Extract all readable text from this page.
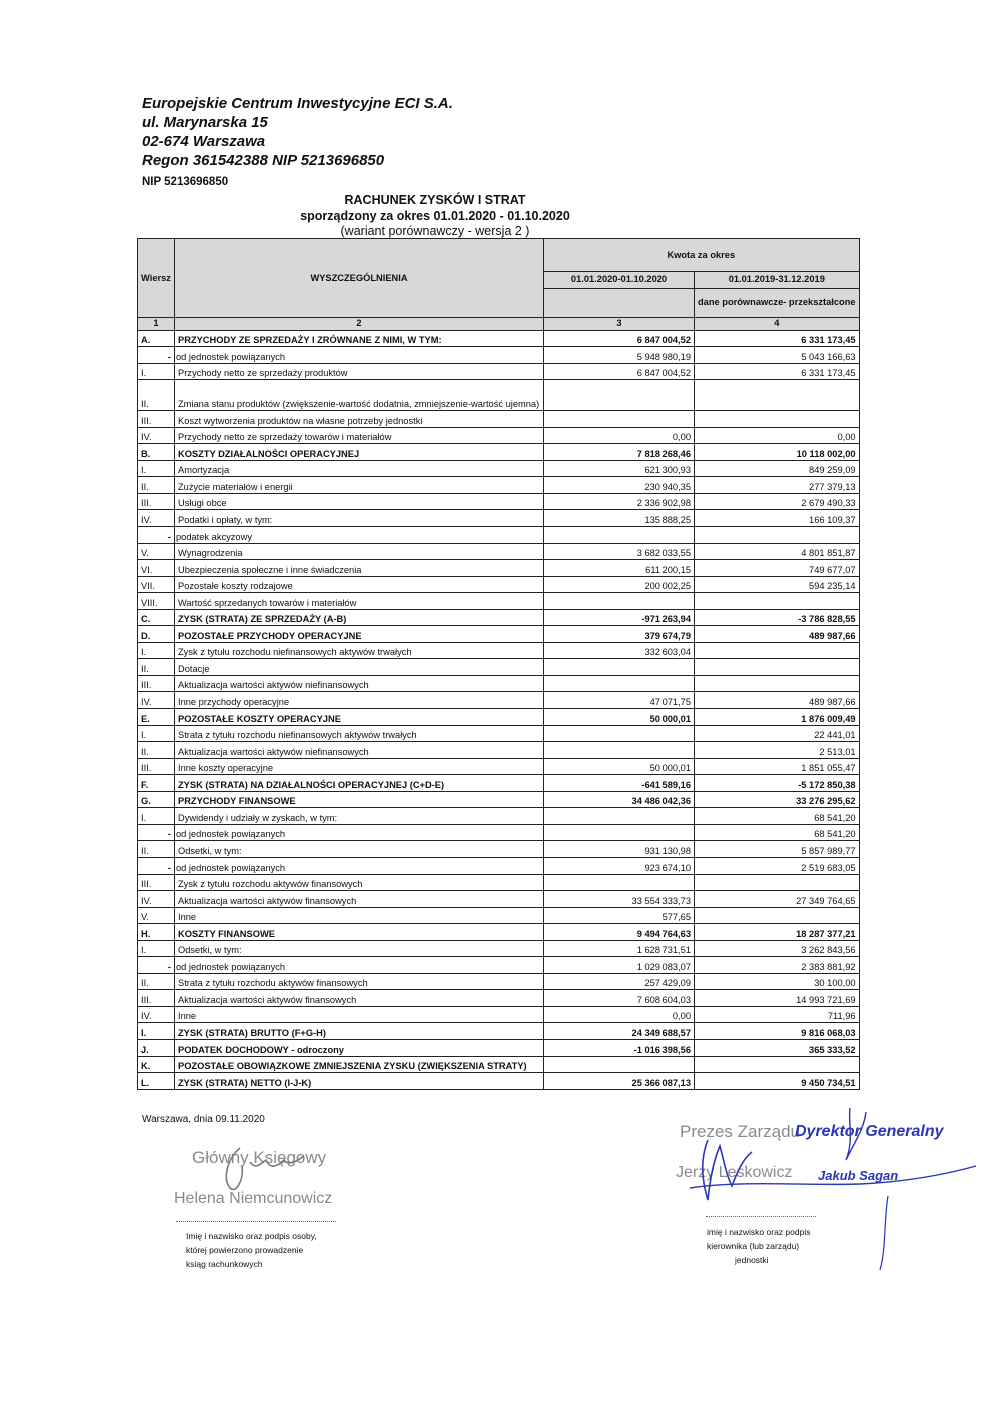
Europejskie Centrum Inwestycyjne ECI S.A.
ul. Marynarska 15
02-674 Warszawa
Regon 361542388 NIP 5213696850
NIP 5213696850
RACHUNEK ZYSKÓW I STRAT
sporządzony za okres 01.01.2020 - 01.10.2020
(wariant porównawczy - wersja 2 )
Wiersz	WYSZCZEGÓLNIENIA	Kwota za okres	
		01.01.2020-01.10.2020	01.01.2019-31.12.2019
			dane porównawcze- przekształcone
1	2	3	4
A.	PRZYCHODY ZE SPRZEDAŻY I ZRÓWNANE Z NIMI, W TYM:	6 847 004,52	6 331 173,45
-	od jednostek powiązanych	5 948 980,19	5 043 166,63
I.	Przychody netto ze sprzedaży produktów	6 847 004,52	6 331 173,45
II.	Zmiana stanu produktów (zwiększenie-wartość dodatnia, zmniejszenie-wartość ujemna)		
III.	Koszt wytworzenia produktów na własne potrzeby jednostki		
IV.	Przychody netto ze sprzedaży towarów i materiałów	0,00	0,00
B.	KOSZTY DZIAŁALNOŚCI OPERACYJNEJ	7 818 268,46	10 118 002,00
I.	Amortyzacja	621 300,93	849 259,09
II.	Zużycie materiałów i energii	230 940,35	277 379,13
III.	Usługi obce	2 336 902,98	2 679 490,33
IV.	Podatki i opłaty, w tym:	135 888,25	166 109,37
-	podatek akcyzowy		
V.	Wynagrodzenia	3 682 033,55	4 801 851,87
VI.	Ubezpieczenia społeczne i inne świadczenia	611 200,15	749 677,07
VII.	Pozostałe koszty rodzajowe	200 002,25	594 235,14
VIII.	Wartość sprzedanych towarów i materiałów		
C.	ZYSK (STRATA) ZE SPRZEDAŻY (A-B)	-971 263,94	-3 786 828,55
D.	POZOSTAŁE PRZYCHODY OPERACYJNE	379 674,79	489 987,66
I.	Zysk z tytułu rozchodu niefinansowych aktywów trwałych	332 603,04	
II.	Dotacje		
III.	Aktualizacja wartości aktywów niefinansowych		
IV.	Inne przychody operacyjne	47 071,75	489 987,66
E.	POZOSTAŁE KOSZTY OPERACYJNE	50 000,01	1 876 009,49
I.	Strata z tytułu rozchodu niefinansowych aktywów trwałych		22 441,01
II.	Aktualizacja wartości aktywów niefinansowych		2 513,01
III.	Inne koszty operacyjne	50 000,01	1 851 055,47
F.	ZYSK (STRATA) NA DZIAŁALNOŚCI OPERACYJNEJ (C+D-E)	-641 589,16	-5 172 850,38
G.	PRZYCHODY FINANSOWE	34 486 042,36	33 276 295,62
I.	Dywidendy i udziały w zyskach, w tym:		68 541,20
-	od jednostek powiązanych		68 541,20
II.	Odsetki, w tym:	931 130,98	5 857 989,77
-	od jednostek powiązanych	923 674,10	2 519 683,05
III.	Zysk z tytułu rozchodu aktywów finansowych		
IV.	Aktualizacja wartości aktywów finansowych	33 554 333,73	27 349 764,65
V.	Inne	577,65	
H.	KOSZTY FINANSOWE	9 494 764,63	18 287 377,21
I.	Odsetki, w tym:	1 628 731,51	3 262 843,56
-	od jednostek powiązanych	1 029 083,07	2 383 881,92
II.	Strata z tytułu rozchodu aktywów finansowych	257 429,09	30 100,00
III.	Aktualizacja wartości aktywów finansowych	7 608 604,03	14 993 721,69
IV.	Inne	0,00	711,96
I.	ZYSK (STRATA) BRUTTO (F+G-H)	24 349 688,57	9 816 068,03
J.	PODATEK DOCHODOWY - odroczony	-1 016 398,56	365 333,52
K.	POZOSTAŁE OBOWIĄZKOWE ZMNIEJSZENIA ZYSKU (ZWIĘKSZENIA STRATY)		
L.	ZYSK (STRATA) NETTO (I-J-K)	25 366 087,13	9 450 734,51
Warszawa, dnia 09.11.2020
Główny Księgowy
Helena Niemcunowicz
Imię i nazwisko oraz podpis osoby,
której powierzono prowadzenie
ksiąg rachunkowych
Prezes Zarządu
Dyrektor Generalny
Jerzy Leskowicz Jakub Sagan
imię i nazwisko oraz podpis
kierownika (lub zarządu)
jednostki
